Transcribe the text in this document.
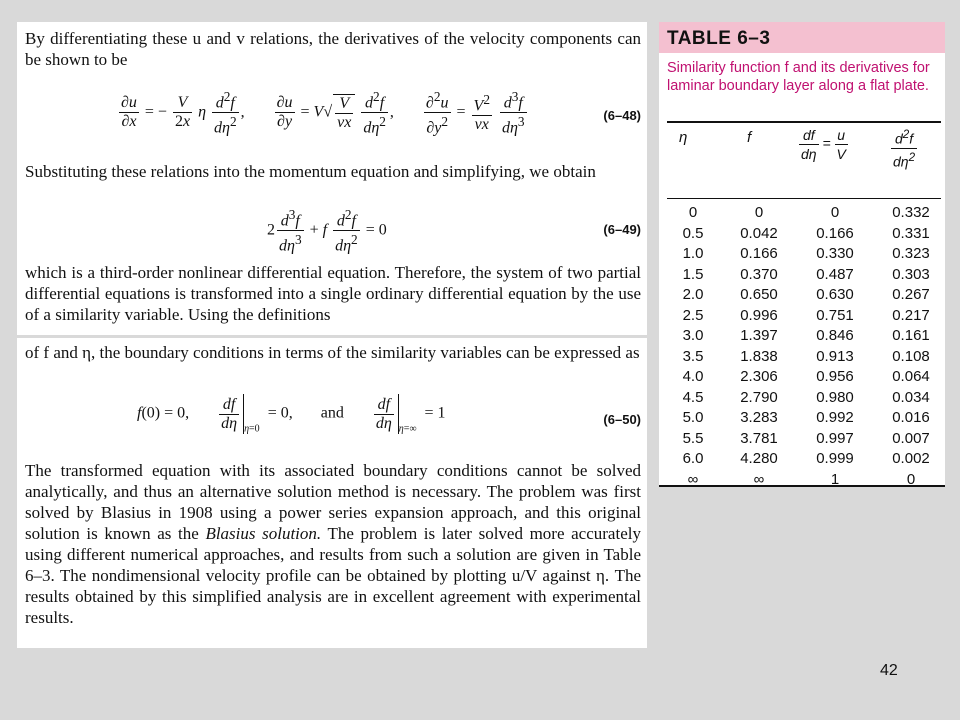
By differentiating these u and v relations, the derivatives of the velocity components can be shown to be

$\frac{\partial u}{\partial x}$ = − $\frac{V}{2x}$ η $\frac{d^2f}{d\eta^2}$ , $\frac{\partial u}{\partial y} = V√ \frac{V}{\nu x}$
$\frac{d^2f}{d\eta^2}$ , $\frac{\partial^2u}{\partial y^2} = \frac{V^2}{\nu x}$
$\frac{d^3f}{d\eta^3}$	(6–48)

Substituting these relations into the momentum equation and simplifying, we obtain

$2 \frac{d^3f}{d\eta^3} + f \frac{d^2f}{d\eta^2} = 0$	(6–49)

which is a third-order nonlinear differential equation. Therefore, the system of two partial differential equations is transformed into a single ordinary differential equation by the use of a similarity variable. Using the definitions

of f and η, the boundary conditions in terms of the similarity variables can be expressed as

f(0) = 0, $\frac{df}{d\eta} _{\eta=0} = 0$,       and $\frac{df}{d\eta} _{\eta=\infty} = 1$	(6–50)

The transformed equation with its associated boundary conditions cannot be solved analytically, and thus an alternative solution method is necessary. The problem was first solved by Blasius in 1908 using a power series expansion approach, and this original solution is known as the Blasius solution. The problem is later solved more accurately using different numerical approaches, and results from such a solution are given in Table 6–3. The nondimensional velocity profile can be obtained by plotting u/V against η. The results obtained by this simplified analysis are in excellent agreement with experimental results.

TABLE 6–3
Similarity function f and its derivatives for laminar boundary layer along a flat plate.
η	f	$\frac{df}{d\eta} = \frac{u}{V}$	$\frac{d^2f}{d\eta^2}$
0	0	0	0.332
0.5	0.042	0.166	0.331
1.0	0.166	0.330	0.323
1.5	0.370	0.487	0.303
2.0	0.650	0.630	0.267
2.5	0.996	0.751	0.217
3.0	1.397	0.846	0.161
3.5	1.838	0.913	0.108
4.0	2.306	0.956	0.064
4.5	2.790	0.980	0.034
5.0	3.283	0.992	0.016
5.5	3.781	0.997	0.007
6.0	4.280	0.999	0.002
∞	∞	1	0
42
